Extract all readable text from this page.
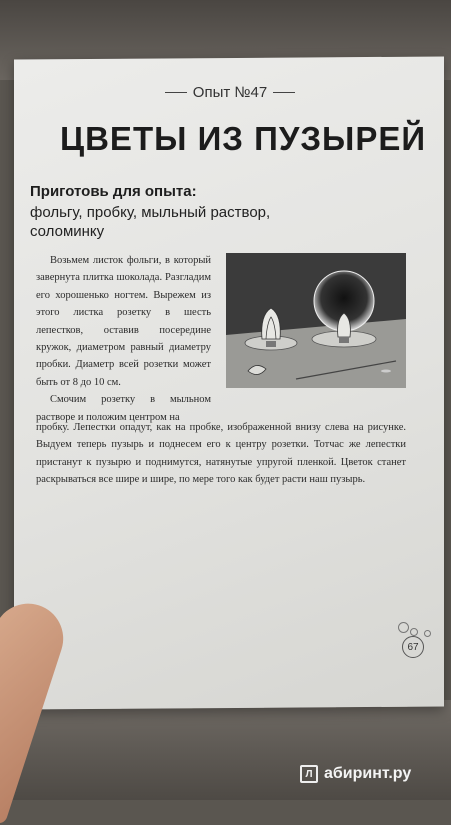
Опыт №47
ЦВЕТЫ ИЗ ПУЗЫРЕЙ
Приготовь для опыта:
фольгу, пробку, мыльный раствор, соломинку

Возьмем листок фольги, в который завернута плитка шоколада. Разгладим его хорошенько ногтем. Вырежем из этого листка розетку в шесть лепестков, оставив посередине кружок, диаметром равный диаметру пробки. Диаметр всей розетки может быть от 8 до 10 см.

Смочим розетку в мыльном растворе и положим центром на

пробку. Лепестки опадут, как на пробке, изображенной внизу слева на рисунке. Выдуем теперь пузырь и поднесем его к центру розетки. Тотчас же лепестки пристанут к пузырю и поднимутся, натянутые упругой пленкой. Цветок станет раскрываться все шире и шире, по мере того как будет расти наш пузырь.
67
Л абиринт.ру
